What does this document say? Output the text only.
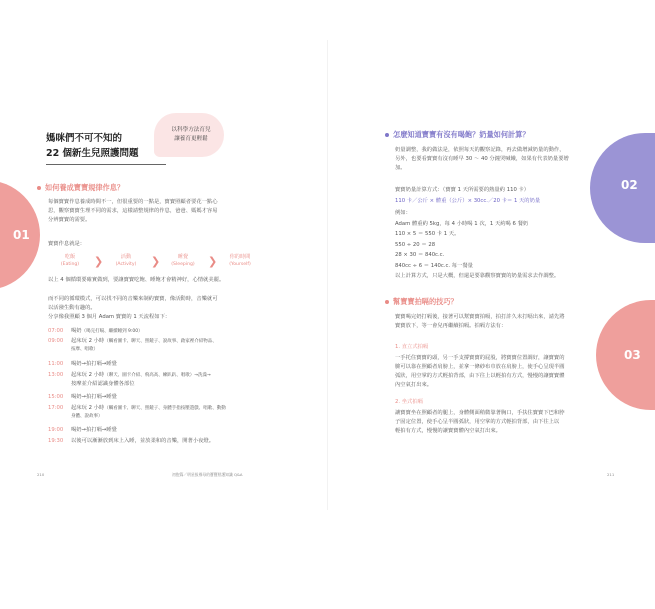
01
以科學方法育兒
讓養育更輕鬆
媽咪們不可不知的
22 個新生兒照護問題
如何養成寶寶規律作息？
每個寶寶作息養成時間不一，但很重要的一點是，寶寶照顧者要花一點心
思，觀察寶寶生理不同的需求，這樣請整規律的作息，爸爸、媽媽才容易
分辨寶寶的需要。
寶寶作息就是：
吃飯
(Eating)	❯	活動
(Activity)	❯	睡覺
(Sleeping)	❯	你的時間
(Yourself)
以上 4 個循環要確實做到，要讓寶寶吃飽、睡飽才會精神好，心情就美麗。
而不同的循環模式，可以找不同的音樂來制約寶寶，像活動時，音樂就可
以活潑生動有趣的。
分享像我照顧 3 個月 Adam 寶寶的 1 天流程如下：
07:00 喝奶（喝完打嗝、繼續睡到 9:00）
09:00 起床玩 2 小時（觸看圖卡、聊天、照鏡子、說故事、啟家裡介紹物品、
按摩、唱歌）
11:00 喝奶→拍打嗝→睡覺
13:00 起床玩 2 小時（聊天、圖卡介紹、飛高高、練趴趴、唱歌）→洗澡→
按摩並介紹認識身體各部位
15:00 喝奶→拍打嗝→睡覺
17:00 起床玩 2 小時（觸看圖卡、聊天、照鏡子、身體手指按壓遊戲、唱歌、動動
身體、說故事）
19:00 喝奶→拍打嗝→睡覺
19:30 以後可以漸漸放到床上入睡，並放柔和的音樂，開著小夜燈。
210	初抱篇／明星級褓母的寶寶照護知識 Q&A
02
03
怎麼知道寶寶有沒有喝飽？奶量如何計算？
奶量調整，我的做法是，依照每天的觀察記錄，再去做增減奶量的動作，
另外，也要看寶寶有沒有睡早 30 ～ 40 分鐘哭喊餓，如果有代表奶量要增
加。
寶寶奶量計算方式：（寶寶 1 天所需要的熱量約 110 卡）
110 卡／公斤 × 體重（公斤）× 30cc.／20 卡＝ 1 天的奶量
例如：
Adam 體重約 5kg，每 4 小時喝 1 次，1 天約喝 6 餐奶
110 × 5 ＝ 550 卡 1 天。
550 ÷ 20 ＝ 28
28 × 30 ＝ 840c.c.
840cc ÷ 6 ＝ 140c.c. 每一餐量
以上計算方式，只是大概，但還是要靠觀察寶寶的奶量需求去作調整。
幫寶寶拍嗝的技巧？
寶寶喝完奶打嗝後，接著可以幫寶寶拍嗝，拍打許久未打嗝出來，請先將
寶寶放下，等一會兒再繼續拍嗝。拍嗝方法有：
1. 直立式拍嗝
一手托住寶寶的頭，另一手支撐寶寶的屁股，將寶寶位置調好，讓寶寶的
臉可以靠在照顧者肩膀上，並拿一條紗布巾放在肩膀上，使手心呈現半圓
弧狀，用空掌的方式輕拍背部，由下往上以輕拍有方式，慢慢的讓寶寶體
內空氣打出來。
2. 坐式拍嗝
讓寶寶坐在照顧者的腿上，身體側面稍微靠著胸口，手扶住寶寶下巴和脖
子固定位置，使手心呈半圓弧狀，用空掌的方式輕拍背部，由下往上以
輕拍有方式，慢慢的讓寶寶體內空氣打出來。
211
